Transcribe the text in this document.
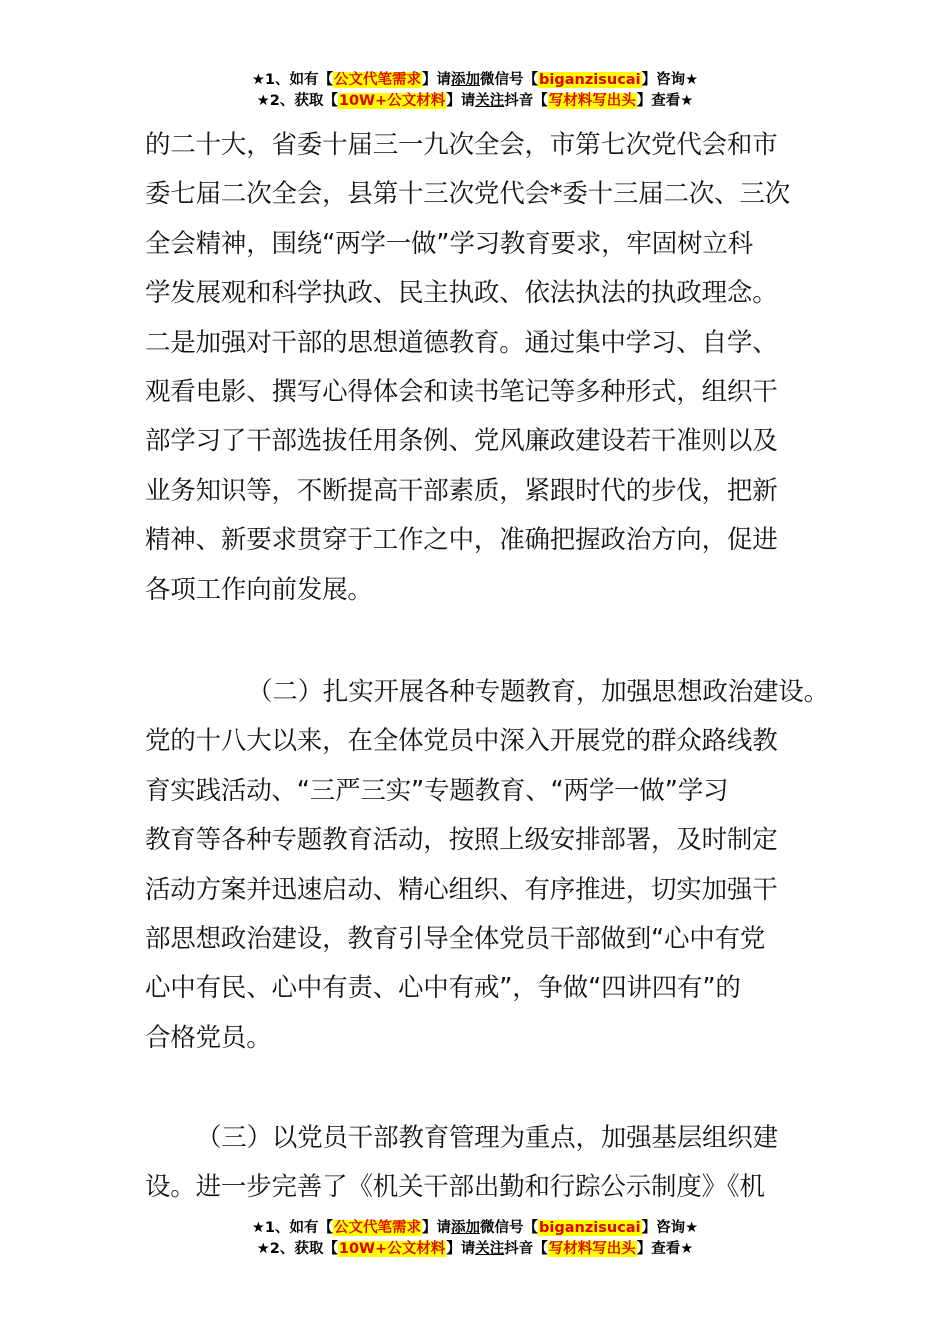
★1、如有【公文代笔需求】请添加微信号【biganzisucai】咨询★
★2、获取【10W+公文材料】请关注抖音【写材料写出头】查看★
的二十大，省委十届三一九次全会，市第七次党代会和市
委七届二次全会，县第十三次党代会*委十三届二次、三次
全会精神，围绕“两学一做”学习教育要求，牢固树立科
学发展观和科学执政、民主执政、依法执法的执政理念。
二是加强对干部的思想道德教育。通过集中学习、自学、
观看电影、撰写心得体会和读书笔记等多种形式，组织干
部学习了干部选拔任用条例、党风廉政建设若干准则以及
业务知识等，不断提高干部素质，紧跟时代的步伐，把新
精神、新要求贯穿于工作之中，准确把握政治方向，促进
各项工作向前发展。
（二）扎实开展各种专题教育，加强思想政治建设。
党的十八大以来，在全体党员中深入开展党的群众路线教
育实践活动、“三严三实”专题教育、“两学一做”学习
教育等各种专题教育活动，按照上级安排部署，及时制定
活动方案并迅速启动、精心组织、有序推进，切实加强干
部思想政治建设，教育引导全体党员干部做到“心中有党
心中有民、心中有责、心中有戒”，争做“四讲四有”的
合格党员。
（三）以党员干部教育管理为重点，加强基层组织建
设。进一步完善了《机关干部出勤和行踪公示制度》《机
★1、如有【公文代笔需求】请添加微信号【biganzisucai】咨询★
★2、获取【10W+公文材料】请关注抖音【写材料写出头】查看★
